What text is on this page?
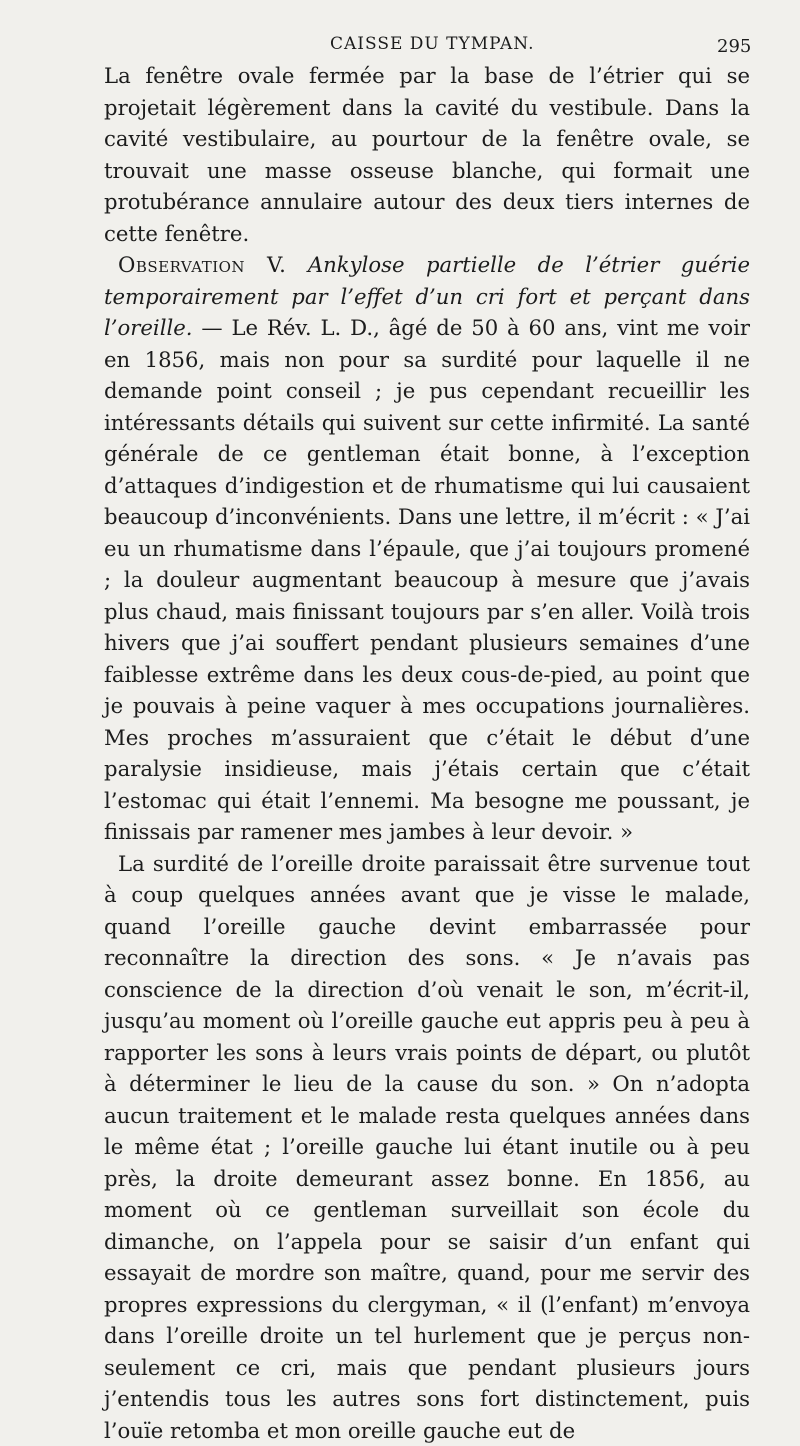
CAISSE DU TYMPAN.	295

La fenêtre ovale fermée par la base de l’étrier qui se projetait légèrement dans la cavité du vestibule. Dans la cavité vestibulaire, au pourtour de la fenêtre ovale, se trouvait une masse osseuse blanche, qui formait une protubérance annulaire autour des deux tiers internes de cette fenêtre.

Observation V. Ankylose partielle de l’étrier guérie temporairement par l’effet d’un cri fort et perçant dans l’oreille. — Le Rév. L. D., âgé de 50 à 60 ans, vint me voir en 1856, mais non pour sa surdité pour laquelle il ne demande point conseil ; je pus cependant recueillir les intéressants détails qui suivent sur cette infirmité. La santé générale de ce gentleman était bonne, à l’exception d’attaques d’indigestion et de rhumatisme qui lui causaient beaucoup d’inconvénients. Dans une lettre, il m’écrit : « J’ai eu un rhumatisme dans l’épaule, que j’ai toujours promené ; la douleur augmentant beaucoup à mesure que j’avais plus chaud, mais finissant toujours par s’en aller. Voilà trois hivers que j’ai souffert pendant plusieurs semaines d’une faiblesse extrême dans les deux cous-de-pied, au point que je pouvais à peine vaquer à mes occupations journalières. Mes proches m’assuraient que c’était le début d’une paralysie insidieuse, mais j’étais certain que c’était l’estomac qui était l’ennemi. Ma besogne me poussant, je finissais par ramener mes jambes à leur devoir. »

La surdité de l’oreille droite paraissait être survenue tout à coup quelques années avant que je visse le malade, quand l’oreille gauche devint embarrassée pour reconnaître la direction des sons. « Je n’avais pas conscience de la direction d’où venait le son, m’écrit-il, jusqu’au moment où l’oreille gauche eut appris peu à peu à rapporter les sons à leurs vrais points de départ, ou plutôt à déterminer le lieu de la cause du son. » On n’adopta aucun traitement et le malade resta quelques années dans le même état ; l’oreille gauche lui étant inutile ou à peu près, la droite demeurant assez bonne. En 1856, au moment où ce gentleman surveillait son école du dimanche, on l’appela pour se saisir d’un enfant qui essayait de mordre son maître, quand, pour me servir des propres expressions du clergyman, « il (l’enfant) m’envoya dans l’oreille droite un tel hurlement que je perçus non-seulement ce cri, mais que pendant plusieurs jours j’entendis tous les autres sons fort distinctement, puis l’ouïe retomba et mon oreille gauche eut de
